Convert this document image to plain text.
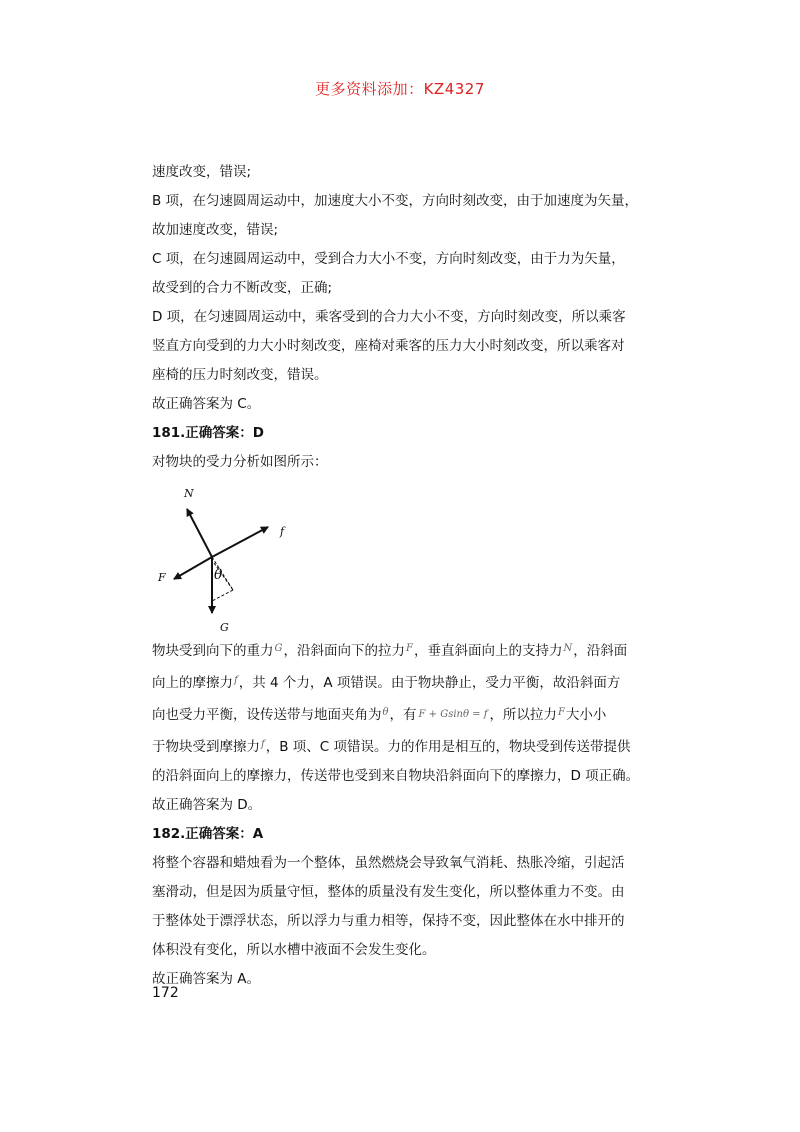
更多资料添加：KZ4327

速度改变，错误;

B 项，在匀速圆周运动中，加速度大小不变，方向时刻改变，由于加速度为矢量，

故加速度改变，错误;

C 项，在匀速圆周运动中，受到合力大小不变，方向时刻改变，由于力为矢量，

故受到的合力不断改变，正确;

D 项，在匀速圆周运动中，乘客受到的合力大小不变，方向时刻改变，所以乘客

竖直方向受到的力大小时刻改变，座椅对乘客的压力大小时刻改变，所以乘客对

座椅的压力时刻改变，错误。

故正确答案为 C。

181.正确答案：D

对物块的受力分析如图所示：

N
f
F
G
θ

物块受到向下的重力$^G$，沿斜面向下的拉力$^F$，垂直斜面向上的支持力$^N$，沿斜面

向上的摩擦力$^f$，共 4 个力，A 项错误。由于物块静止，受力平衡，故沿斜面方

向也受力平衡，设传送带与地面夹角为$^\theta$，有 F + Gsinθ = f ，所以拉力$^F$大小小

于物块受到摩擦力$^f$，B 项、C 项错误。力的作用是相互的，物块受到传送带提供

的沿斜面向上的摩擦力，传送带也受到来自物块沿斜面向下的摩擦力，D 项正确。

故正确答案为 D。

182.正确答案：A

将整个容器和蜡烛看为一个整体，虽然燃烧会导致氧气消耗、热胀冷缩，引起活

塞滑动，但是因为质量守恒，整体的质量没有发生变化，所以整体重力不变。由

于整体处于漂浮状态，所以浮力与重力相等，保持不变，因此整体在水中排开的

体积没有变化，所以水槽中液面不会发生变化。

故正确答案为 A。

172
